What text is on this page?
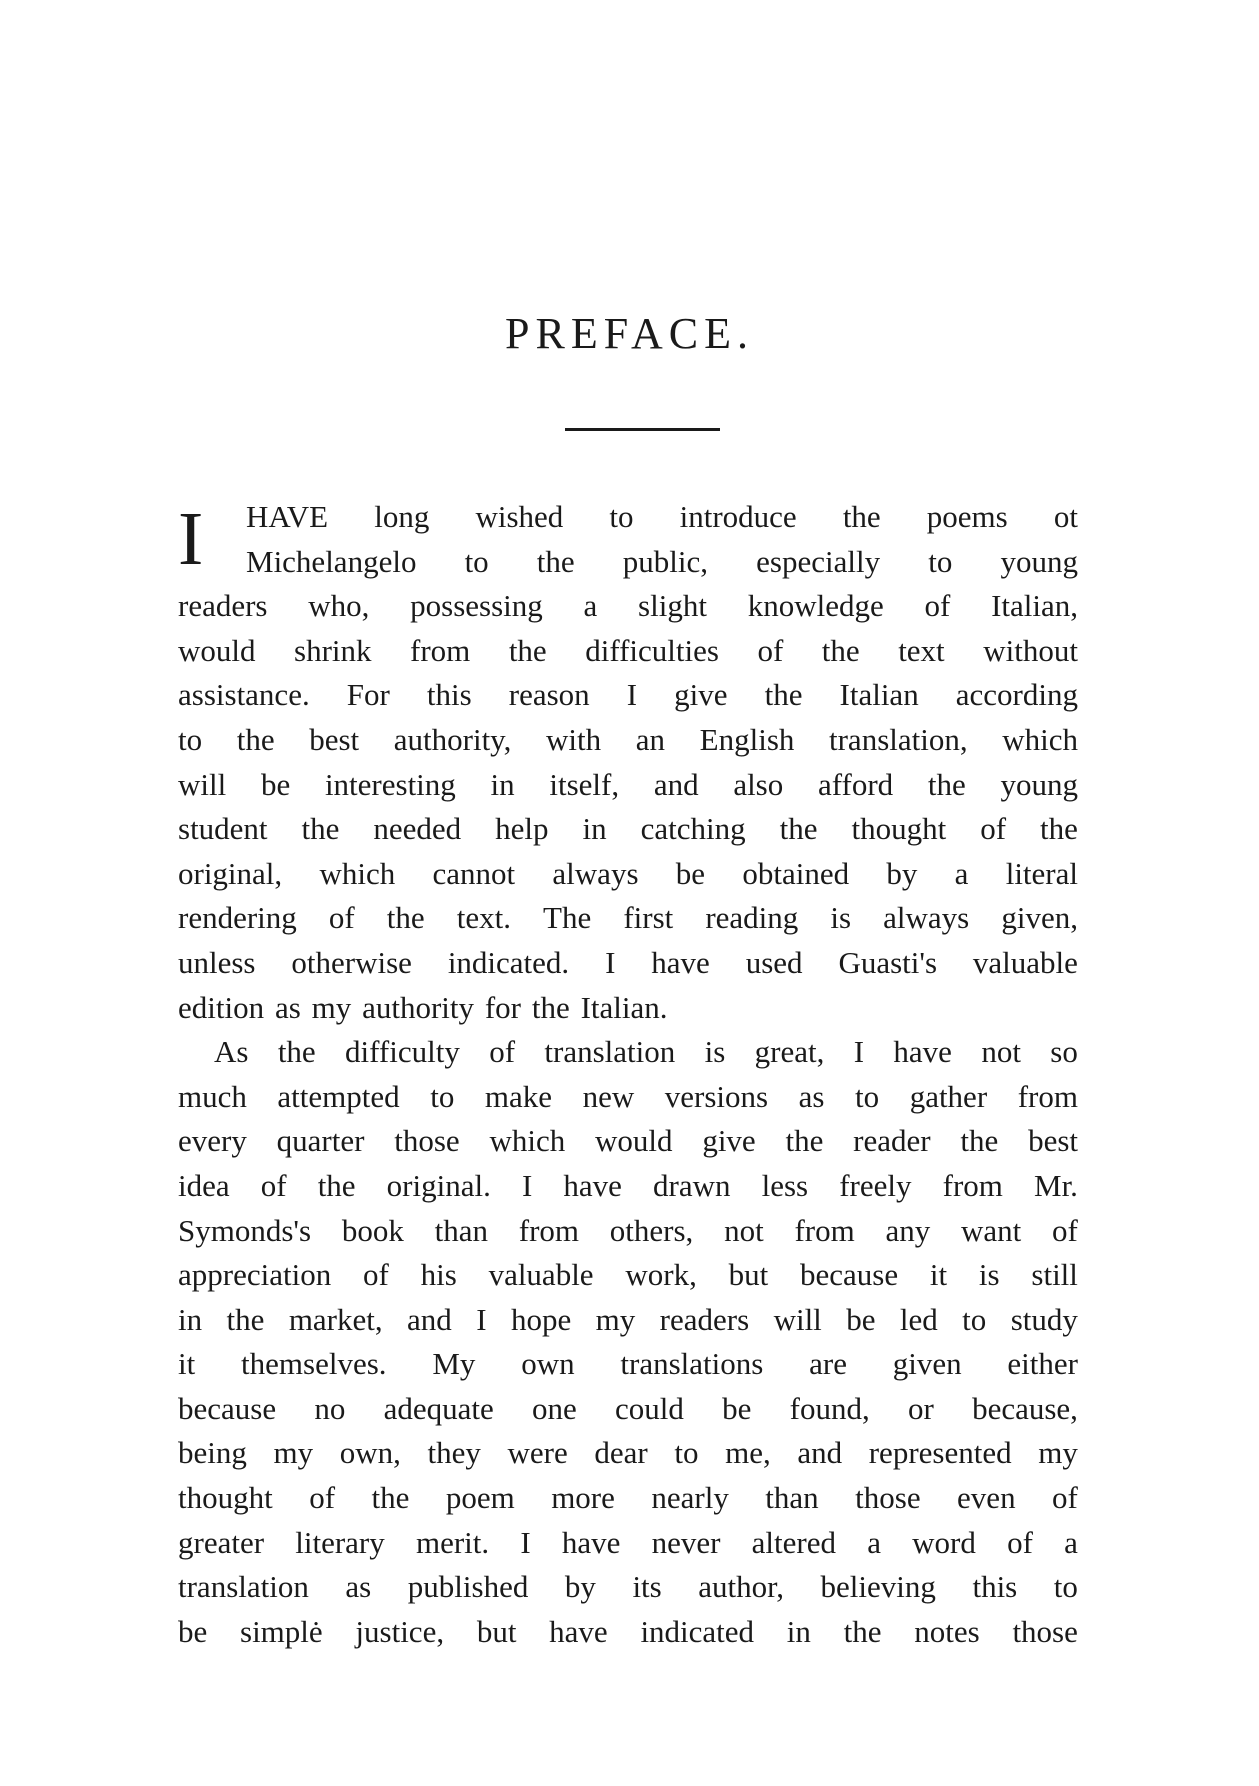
PREFACE.
I HAVE long wished to introduce the poems ot
Michelangelo to the public, especially to young
readers who, possessing a slight knowledge of Italian,
would shrink from the difficulties of the text without
assistance. For this reason I give the Italian according
to the best authority, with an English translation, which
will be interesting in itself, and also afford the young
student the needed help in catching the thought of the
original, which cannot always be obtained by a literal
rendering of the text. The first reading is always given,
unless otherwise indicated. I have used Guasti's valuable
edition as my authority for the Italian.
As the difficulty of translation is great, I have not so
much attempted to make new versions as to gather from
every quarter those which would give the reader the best
idea of the original. I have drawn less freely from Mr.
Symonds's book than from others, not from any want of
appreciation of his valuable work, but because it is still
in the market, and I hope my readers will be led to study
it themselves. My own translations are given either
because no adequate one could be found, or because,
being my own, they were dear to me, and represented my
thought of the poem more nearly than those even of
greater literary merit. I have never altered a word of a
translation as published by its author, believing this to
be simplė justice, but have indicated in the notes those
